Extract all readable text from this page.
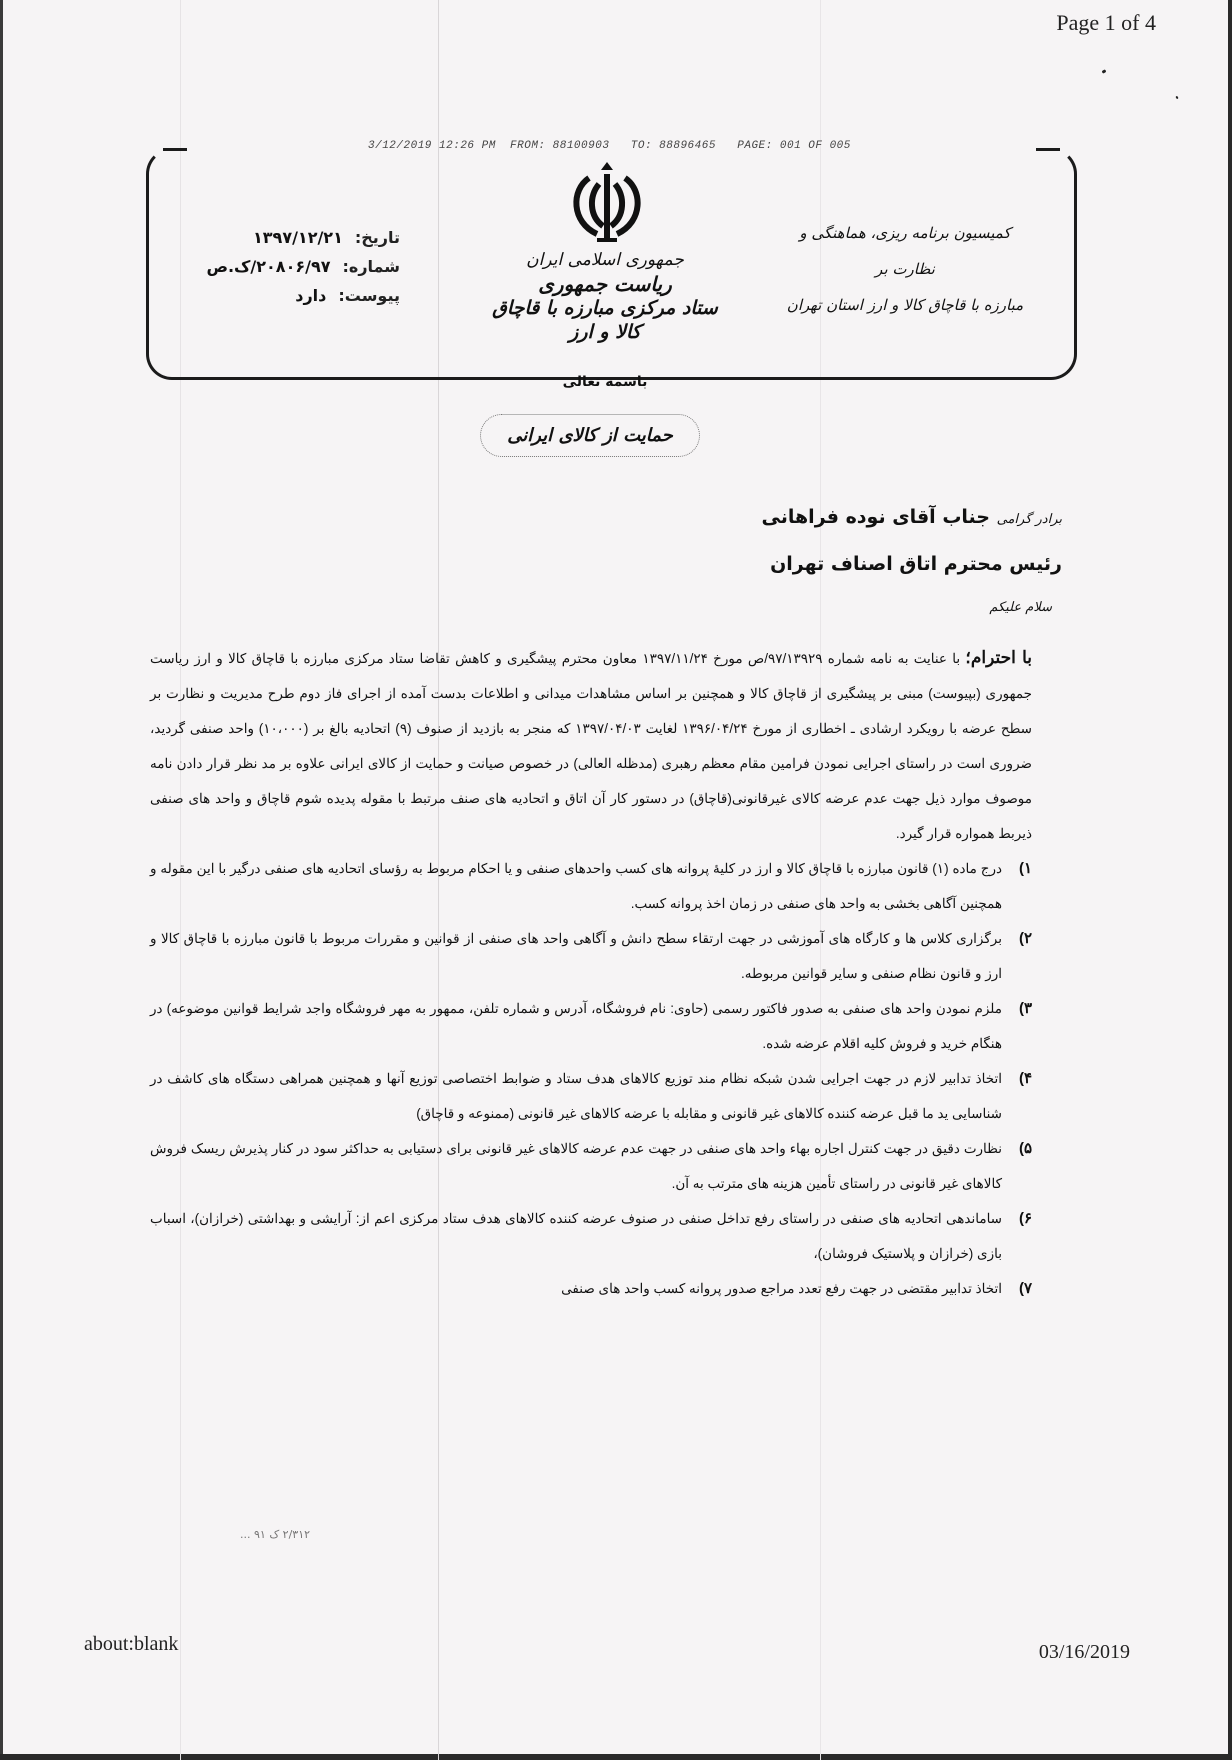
Page 1 of 4
3/12/2019 12:26 PM  FROM: 88100903   TO: 88896465   PAGE: 001 OF 005
تاریخ:
۱۳۹۷/۱۲/۲۱
شماره:
۲۰۸۰۶/۹۷/ک.ص
پیوست:
دارد
جمهوری اسلامی ایران
ریاست جمهوری
ستاد مرکزی مبارزه با قاچاق کالا و ارز
کمیسیون برنامه ریزی، هماهنگی و نظارت بر
مبارزه با قاچاق کالا و ارز استان تهران
باسمه تعالی
حمایت از کالای ایرانی
برادر گرامی جناب آقای نوده فراهانی
رئیس محترم اتاق اصناف تهران
سلام علیکم

با احترام؛ با عنایت به نامه شماره ۹۷/۱۳۹۲۹/ص مورخ ۱۳۹۷/۱۱/۲۴ معاون محترم پیشگیری و کاهش تقاضا ستاد مرکزی مبارزه با قاچاق کالا و ارز ریاست جمهوری (بپیوست) مبنی بر پیشگیری از قاچاق کالا و همچنین بر اساس مشاهدات میدانی و اطلاعات بدست آمده از اجرای فاز دوم طرح مدیریت و نظارت بر سطح عرضه با رویکرد ارشادی ـ اخطاری از مورخ ۱۳۹۶/۰۴/۲۴ لغایت ۱۳۹۷/۰۴/۰۳ که منجر به بازدید از صنوف (۹) اتحادیه بالغ بر (۱۰،۰۰۰) واحد صنفی گردید، ضروری است در راستای اجرایی نمودن فرامین مقام معظم رهبری (مدظله العالی) در خصوص صیانت و حمایت از کالای ایرانی علاوه بر مد نظر قرار دادن نامه موصوف موارد ذیل جهت عدم عرضه کالای غیرقانونی(قاچاق) در دستور کار آن اتاق و اتحادیه های صنف مرتبط با مقوله پدیده شوم قاچاق و واحد های صنفی ذیربط همواره قرار گیرد.

۱)
درج ماده (۱) قانون مبارزه با قاچاق کالا و ارز در کلیهٔ پروانه های کسب واحدهای صنفی و یا احکام مربوط به رؤسای اتحادیه های صنفی درگیر با این مقوله و همچنین آگاهی بخشی به واحد های صنفی در زمان اخذ پروانه کسب.
۲)
برگزاری کلاس ها و کارگاه های آموزشی در جهت ارتقاء سطح دانش و آگاهی واحد های صنفی از قوانین و مقررات مربوط با قانون مبارزه با قاچاق کالا و ارز و قانون نظام صنفی و سایر قوانین مربوطه.
۳)
ملزم نمودن واحد های صنفی به صدور فاکتور رسمی (حاوی: نام فروشگاه، آدرس و شماره تلفن، ممهور به مهر فروشگاه واجد شرایط قوانین موضوعه) در هنگام خرید و فروش کلیه اقلام عرضه شده.
۴)
اتخاذ تدابیر لازم در جهت اجرایی شدن شبکه نظام مند توزیع کالاهای هدف ستاد و ضوابط اختصاصی توزیع آنها و همچنین همراهی دستگاه های کاشف در شناسایی ید ما قبل عرضه کننده کالاهای غیر قانونی و مقابله با عرضه کالاهای غیر قانونی (ممنوعه و قاچاق)
۵)
نظارت دقیق در جهت کنترل اجاره بهاء واحد های صنفی در جهت عدم عرضه کالاهای غیر قانونی برای دستیابی به حداکثر سود در کنار پذیرش ریسک فروش کالاهای غیر قانونی در راستای تأمین هزینه های مترتب به آن.
۶)
ساماندهی اتحادیه های صنفی در راستای رفع تداخل صنفی در صنوف عرضه کننده کالاهای هدف ستاد مرکزی اعم از: آرایشی و بهداشتی (خرازان)، اسباب بازی (خرازان و پلاستیک فروشان)،
۷)
اتخاذ تدابیر مقتضی در جهت رفع تعدد مراجع صدور پروانه کسب واحد های صنفی
۲/۳۱۲ ک ۹۱ ...
about:blank	03/16/2019
